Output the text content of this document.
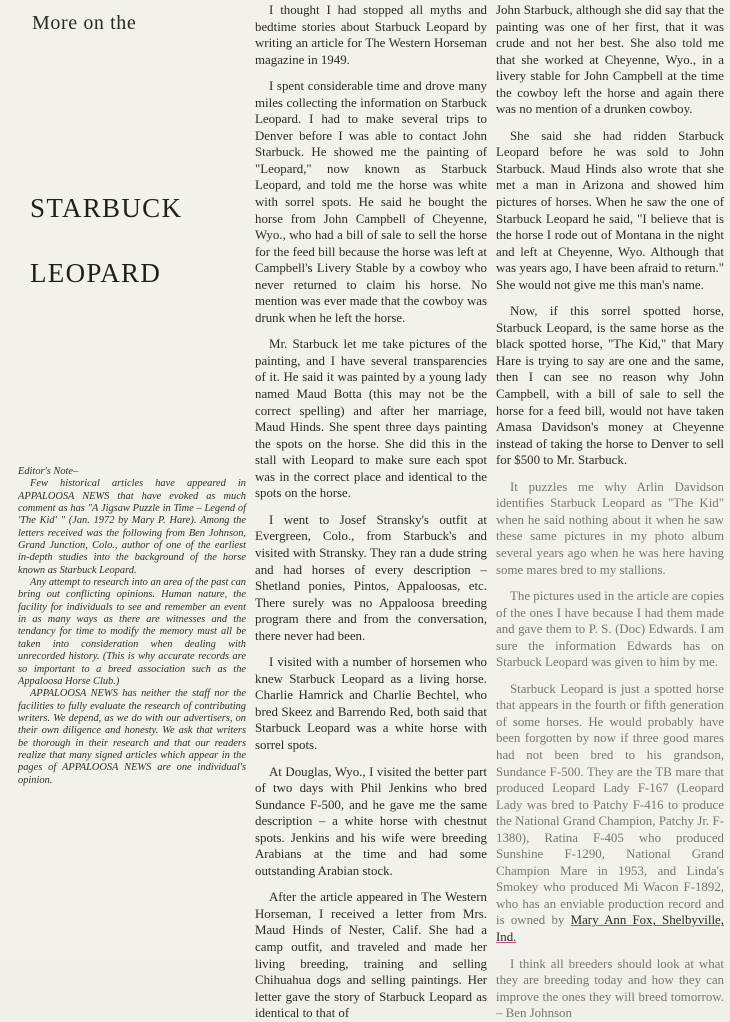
More on the
STARBUCK
LEOPARD

Editor's Note–

Few historical articles have appeared in APPALOOSA NEWS that have evoked as much comment as has "A Jigsaw Puzzle in Time – Legend of 'The Kid' " (Jan. 1972 by Mary P. Hare). Among the letters received was the following from Ben Johnson, Grand Junction, Colo., author of one of the earliest in-depth studies into the background of the horse known as Starbuck Leopard.

Any attempt to research into an area of the past can bring out conflicting opinions. Human nature, the facility for individuals to see and remember an event in as many ways as there are witnesses and the tendancy for time to modify the memory must all be taken into consideration when dealing with unrecorded history. (This is why accurate records are so important to a breed association such as the Appaloosa Horse Club.)

APPALOOSA NEWS has neither the staff nor the facilities to fully evaluate the research of contributing writers. We depend, as we do with our advertisers, on their own diligence and honesty. We ask that writers be thorough in their research and that our readers realize that many signed articles which appear in the pages of APPALOOSA NEWS are one individual's opinion.

I thought I had stopped all myths and bedtime stories about Starbuck Leopard by writing an article for The Western Horseman magazine in 1949.

I spent considerable time and drove many miles collecting the information on Starbuck Leopard. I had to make several trips to Denver before I was able to contact John Starbuck. He showed me the painting of "Leopard," now known as Starbuck Leopard, and told me the horse was white with sorrel spots. He said he bought the horse from John Campbell of Cheyenne, Wyo., who had a bill of sale to sell the horse for the feed bill because the horse was left at Campbell's Livery Stable by a cowboy who never returned to claim his horse. No mention was ever made that the cowboy was drunk when he left the horse.

Mr. Starbuck let me take pictures of the painting, and I have several transparencies of it. He said it was painted by a young lady named Maud Botta (this may not be the correct spelling) and after her marriage, Maud Hinds. She spent three days painting the spots on the horse. She did this in the stall with Leopard to make sure each spot was in the correct place and identical to the spots on the horse.

I went to Josef Stransky's outfit at Evergreen, Colo., from Starbuck's and visited with Stransky. They ran a dude string and had horses of every description – Shetland ponies, Pintos, Appaloosas, etc. There surely was no Appaloosa breeding program there and from the conversation, there never had been.

I visited with a number of horsemen who knew Starbuck Leopard as a living horse. Charlie Hamrick and Charlie Bechtel, who bred Skeez and Barrendo Red, both said that Starbuck Leopard was a white horse with sorrel spots.

At Douglas, Wyo., I visited the better part of two days with Phil Jenkins who bred Sundance F-500, and he gave me the same description – a white horse with chestnut spots. Jenkins and his wife were breeding Arabians at the time and had some outstanding Arabian stock.

After the article appeared in The Western Horseman, I received a letter from Mrs. Maud Hinds of Nester, Calif. She had a camp outfit, and traveled and made her living breeding, training and selling Chihuahua dogs and selling paintings. Her letter gave the story of Starbuck Leopard as identical to that of

John Starbuck, although she did say that the painting was one of her first, that it was crude and not her best. She also told me that she worked at Cheyenne, Wyo., in a livery stable for John Campbell at the time the cowboy left the horse and again there was no mention of a drunken cowboy.

She said she had ridden Starbuck Leopard before he was sold to John Starbuck. Maud Hinds also wrote that she met a man in Arizona and showed him pictures of horses. When he saw the one of Starbuck Leopard he said, "I believe that is the horse I rode out of Montana in the night and left at Cheyenne, Wyo. Although that was years ago, I have been afraid to return." She would not give me this man's name.

Now, if this sorrel spotted horse, Starbuck Leopard, is the same horse as the black spotted horse, "The Kid," that Mary Hare is trying to say are one and the same, then I can see no reason why John Campbell, with a bill of sale to sell the horse for a feed bill, would not have taken Amasa Davidson's money at Cheyenne instead of taking the horse to Denver to sell for $500 to Mr. Starbuck.

It puzzles me why Arlin Davidson identifies Starbuck Leopard as "The Kid" when he said nothing about it when he saw these same pictures in my photo album several years ago when he was here having some mares bred to my stallions.

The pictures used in the article are copies of the ones I have because I had them made and gave them to P. S. (Doc) Edwards. I am sure the information Edwards has on Starbuck Leopard was given to him by me.

Starbuck Leopard is just a spotted horse that appears in the fourth or fifth generation of some horses. He would probably have been forgotten by now if three good mares had not been bred to his grandson, Sundance F-500. They are the TB mare that produced Leopard Lady F-167 (Leopard Lady was bred to Patchy F-416 to produce the National Grand Champion, Patchy Jr. F-1380), Ratina F-405 who produced Sunshine F-1290, National Grand Champion Mare in 1953, and Linda's Smokey who produced Mi Wacon F-1892, who has an enviable production record and is owned by Mary Ann Fox, Shelbyville, Ind.

I think all breeders should look at what they are breeding today and how they can improve the ones they will breed tomorrow. – Ben Johnson
